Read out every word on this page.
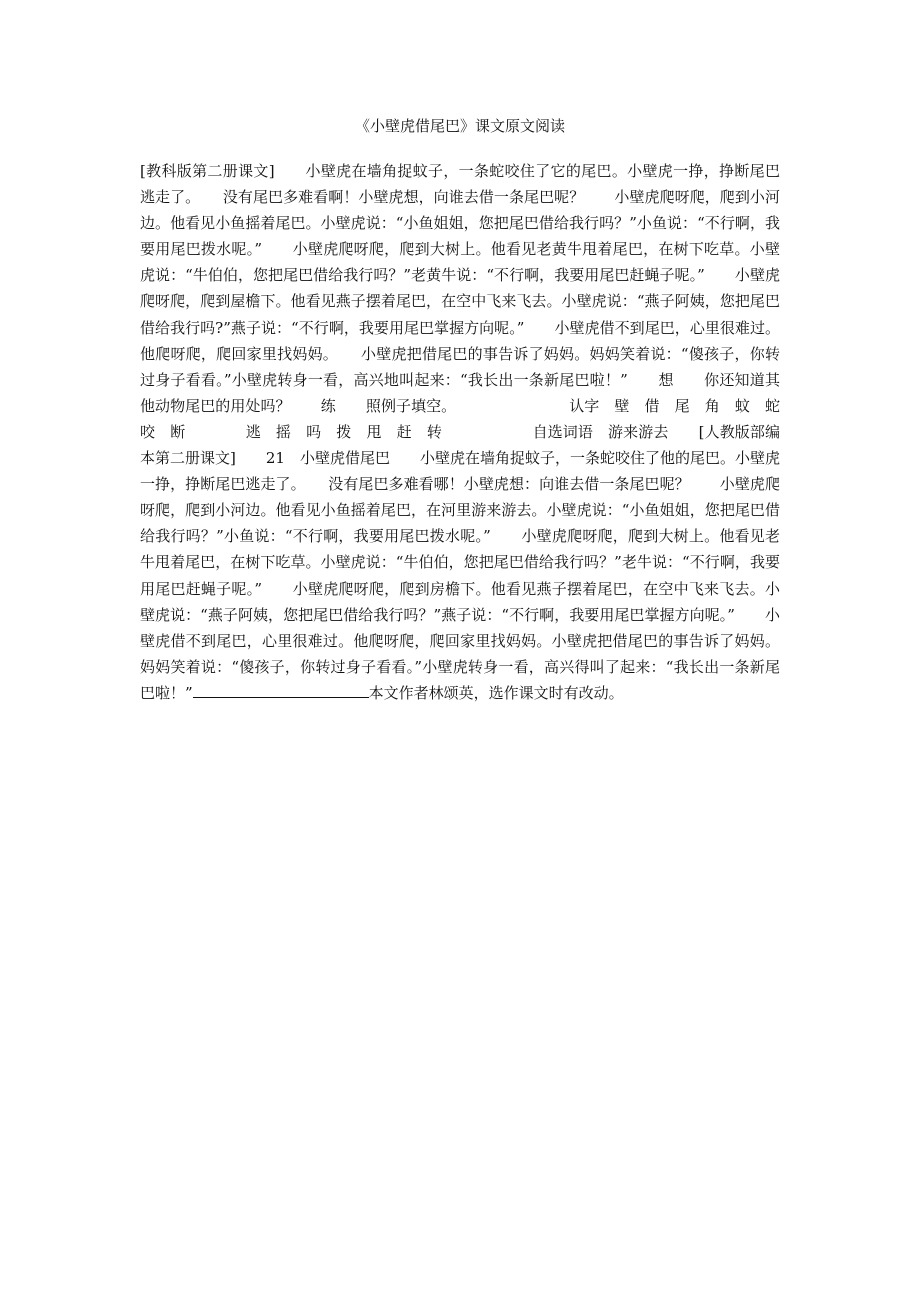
《小壁虎借尾巴》课文原文阅读
[教科版第二册课文]　　小壁虎在墙角捉蚊子，一条蛇咬住了它的尾巴。小壁虎一挣，挣断尾巴逃走了。　　没有尾巴多难看啊！小壁虎想，向谁去借一条尾巴呢？　　小壁虎爬呀爬，爬到小河边。他看见小鱼摇着尾巴。小壁虎说：“小鱼姐姐，您把尾巴借给我行吗？”小鱼说：“不行啊，我要用尾巴拨水呢。”　　小壁虎爬呀爬，爬到大树上。他看见老黄牛甩着尾巴，在树下吃草。小壁虎说：“牛伯伯，您把尾巴借给我行吗？”老黄牛说：“不行啊，我要用尾巴赶蝇子呢。”　　小壁虎爬呀爬，爬到屋檐下。他看见燕子摆着尾巴，在空中飞来飞去。小壁虎说：“燕子阿姨，您把尾巴借给我行吗?”燕子说：“不行啊，我要用尾巴掌握方向呢。”　　小壁虎借不到尾巴，心里很难过。他爬呀爬，爬回家里找妈妈。　　小壁虎把借尾巴的事告诉了妈妈。妈妈笑着说：“傻孩子，你转过身子看看。”小壁虎转身一看，高兴地叫起来：“我长出一条新尾巴啦！”　　想　　你还知道其他动物尾巴的用处吗？　　练　　照例子填空。　　　　　　　　认字　壁　借　尾　角　蚊　蛇　咬　断　　　　逃　摇　吗　拨　甩　赶　转　　　　　　自选词语　游来游去　　[人教版部编本第二册课文]　　21　小壁虎借尾巴　　小壁虎在墙角捉蚊子，一条蛇咬住了他的尾巴。小壁虎一挣，挣断尾巴逃走了。　　没有尾巴多难看哪！小壁虎想：向谁去借一条尾巴呢？　　小壁虎爬呀爬，爬到小河边。他看见小鱼摇着尾巴，在河里游来游去。小壁虎说：“小鱼姐姐，您把尾巴借给我行吗？”小鱼说：“不行啊，我要用尾巴拨水呢。”　　小壁虎爬呀爬，爬到大树上。他看见老牛甩着尾巴，在树下吃草。小壁虎说：“牛伯伯，您把尾巴借给我行吗？”老牛说：“不行啊，我要用尾巴赶蝇子呢。”　　小壁虎爬呀爬，爬到房檐下。他看见燕子摆着尾巴，在空中飞来飞去。小壁虎说：“燕子阿姨，您把尾巴借给我行吗？”燕子说：“不行啊，我要用尾巴掌握方向呢。”　　小壁虎借不到尾巴，心里很难过。他爬呀爬，爬回家里找妈妈。小壁虎把借尾巴的事告诉了妈妈。妈妈笑着说：“傻孩子，你转过身子看看。”小壁虎转身一看，高兴得叫了起来：“我长出一条新尾巴啦！”	本文作者林颂英，选作课文时有改动。
